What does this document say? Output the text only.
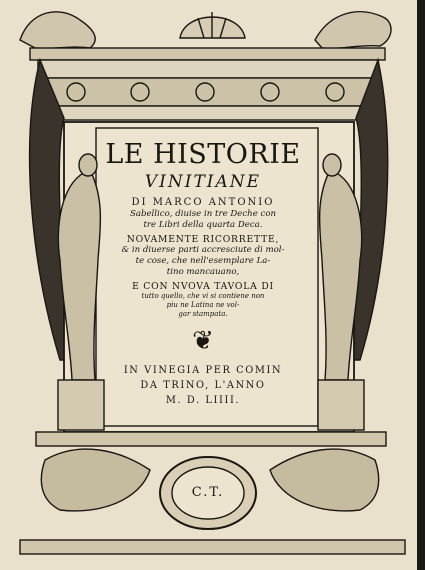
LE HISTORIE
VINITIANE
DI MARCO ANTONIO
Sabellico, diuise in tre Deche con
tre Libri della quarta Deca.
NOVAMENTE RICORRETTE,
& in diuerse parti accresciute di mol-
te cose, che nell'esemplare La-
tino mancauano,
E CON NVOVA TAVOLA DI
tutto quello, che vi si contiene non
piu ne Latina ne vol-
gar stampata.
❦
IN VINEGIA PER COMIN
DA TRINO, L'ANNO
M. D. LIIII.
C.T.
